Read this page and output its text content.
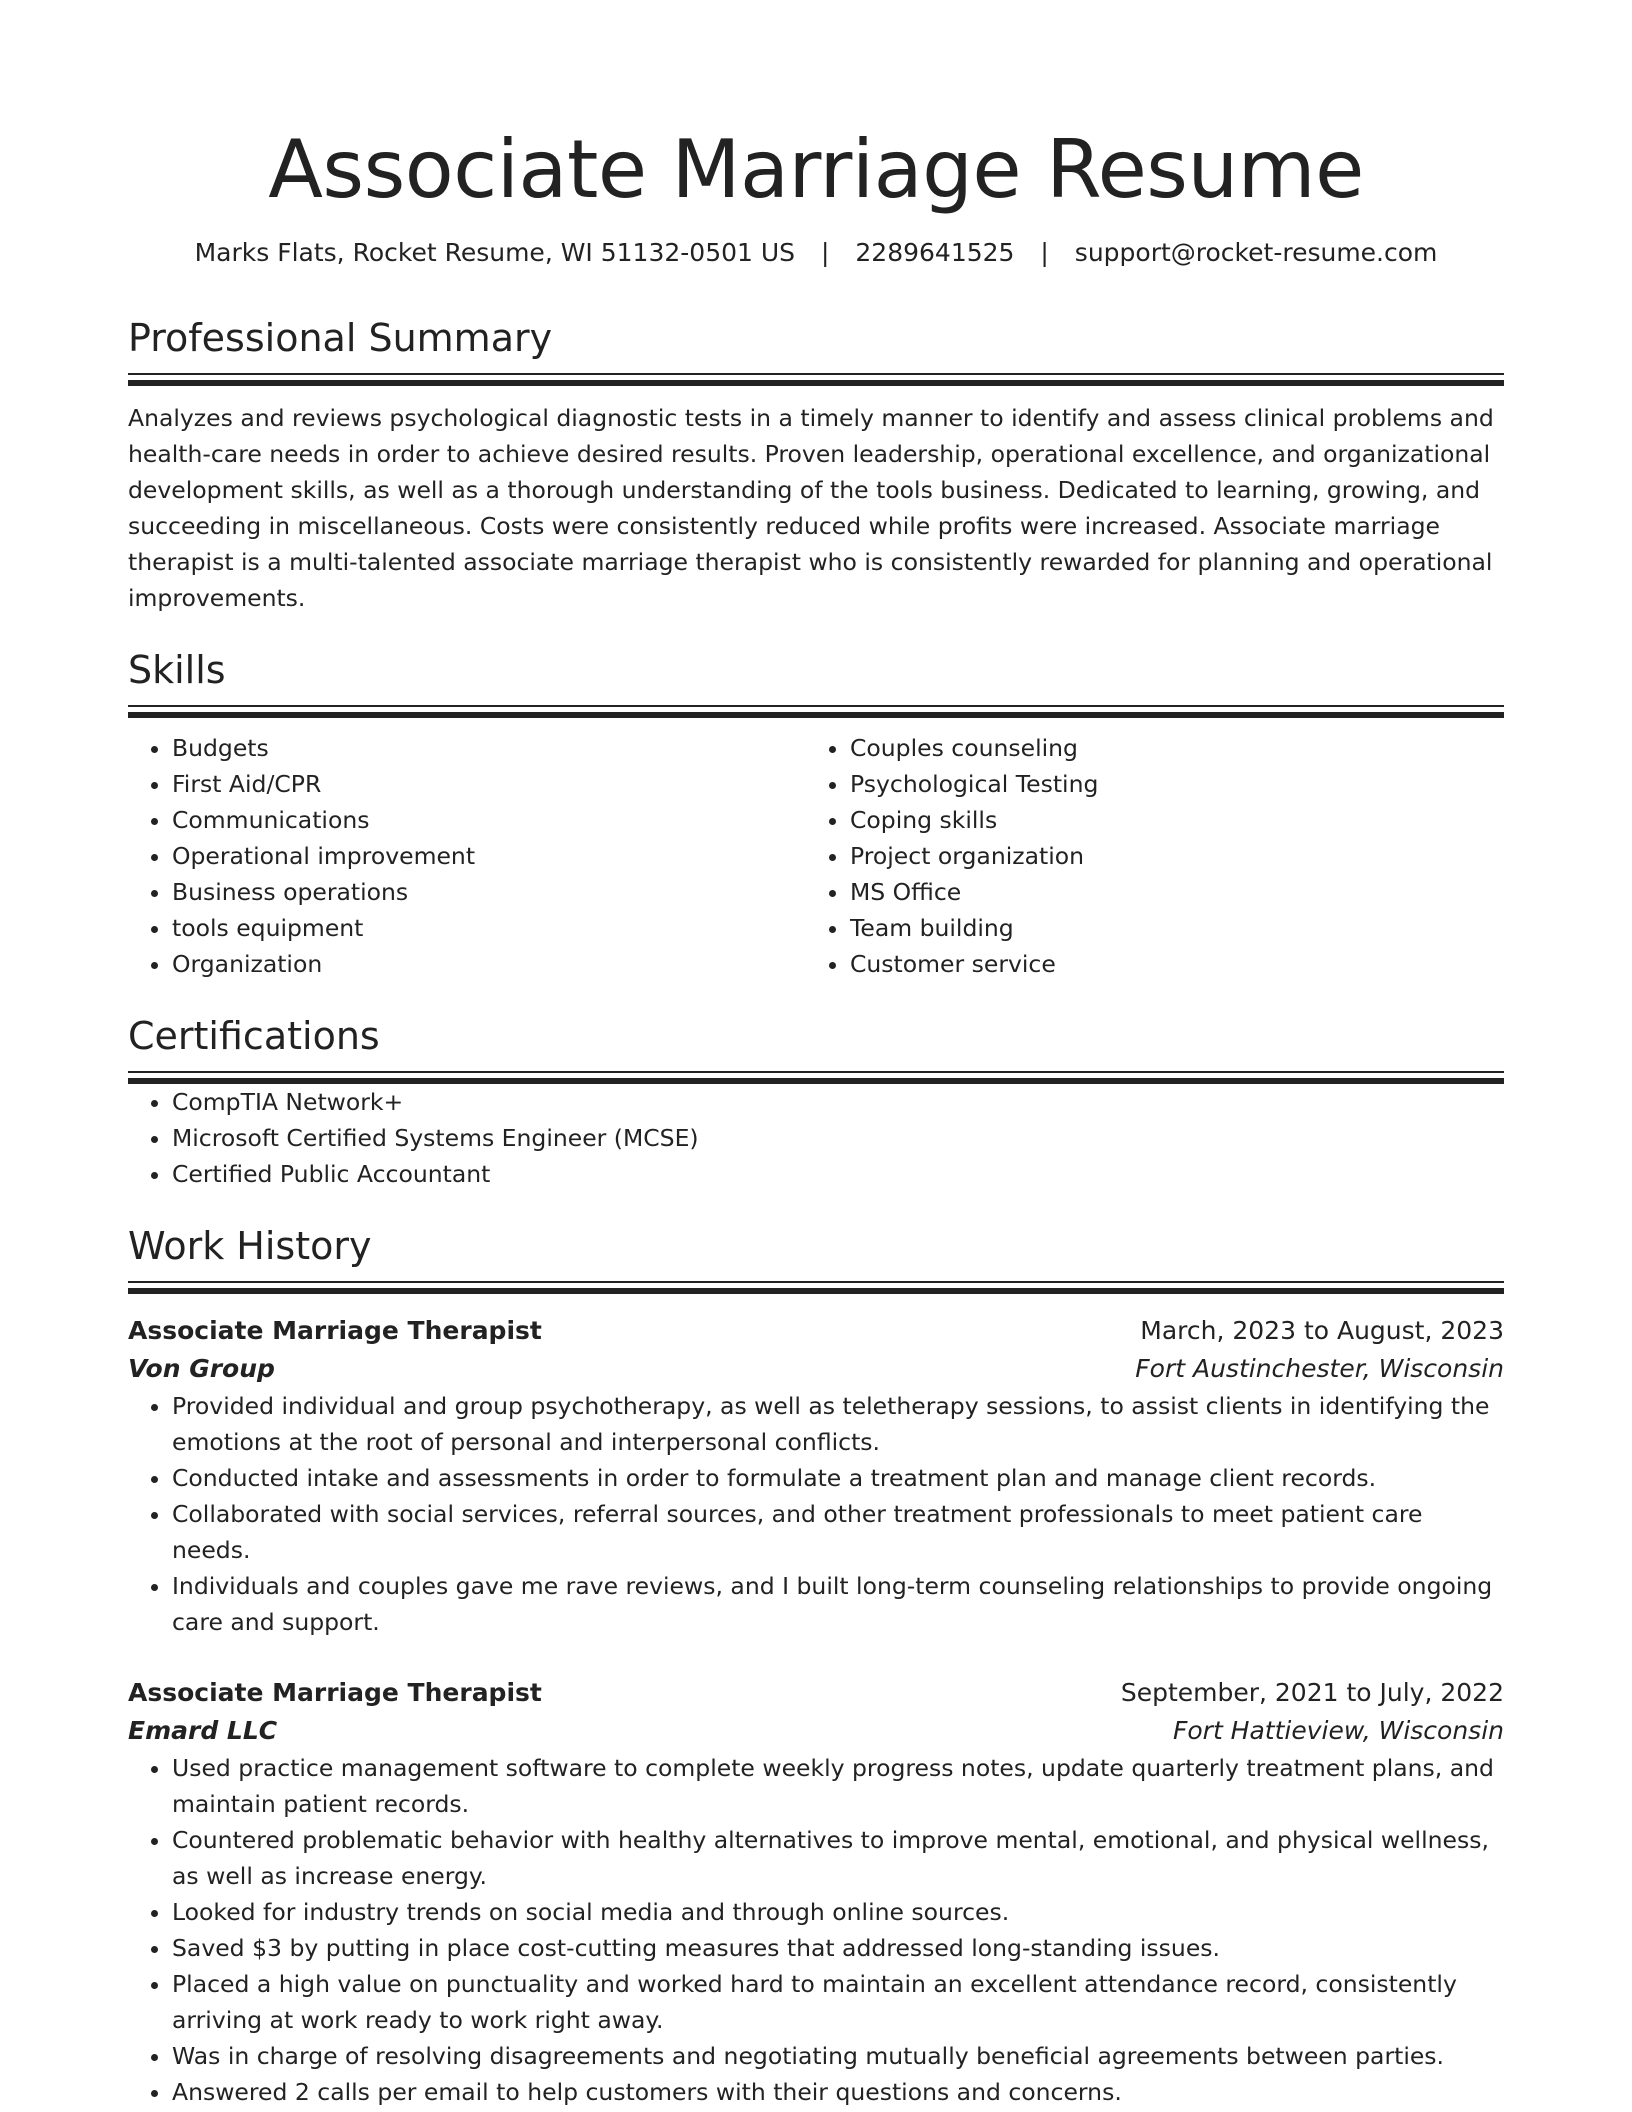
Associate Marriage Resume
Marks Flats, Rocket Resume, WI 51132-0501 US | 2289641525 | support@rocket-resume.com
Professional Summary
Analyzes and reviews psychological diagnostic tests in a timely manner to identify and assess clinical problems and health-care needs in order to achieve desired results. Proven leadership, operational excellence, and organizational development skills, as well as a thorough understanding of the tools business. Dedicated to learning, growing, and succeeding in miscellaneous. Costs were consistently reduced while profits were increased. Associate marriage therapist is a multi-talented associate marriage therapist who is consistently rewarded for planning and operational improvements.
Skills
• Budgets
• First Aid/CPR
• Communications
• Operational improvement
• Business operations
• tools equipment
• Organization
• Couples counseling
• Psychological Testing
• Coping skills
• Project organization
• MS Office
• Team building
• Customer service
Certifications
• CompTIA Network+
• Microsoft Certified Systems Engineer (MCSE)
• Certified Public Accountant
Work History
Associate Marriage Therapist	March, 2023 to August, 2023
Von Group	Fort Austinchester, Wisconsin
• Provided individual and group psychotherapy, as well as teletherapy sessions, to assist clients in identifying the emotions at the root of personal and interpersonal conflicts.
• Conducted intake and assessments in order to formulate a treatment plan and manage client records.
• Collaborated with social services, referral sources, and other treatment professionals to meet patient care needs.
• Individuals and couples gave me rave reviews, and I built long-term counseling relationships to provide ongoing care and support.
Associate Marriage Therapist	September, 2021 to July, 2022
Emard LLC	Fort Hattieview, Wisconsin
• Used practice management software to complete weekly progress notes, update quarterly treatment plans, and maintain patient records.
• Countered problematic behavior with healthy alternatives to improve mental, emotional, and physical wellness, as well as increase energy.
• Looked for industry trends on social media and through online sources.
• Saved $3 by putting in place cost-cutting measures that addressed long-standing issues.
• Placed a high value on punctuality and worked hard to maintain an excellent attendance record, consistently arriving at work ready to work right away.
• Was in charge of resolving disagreements and negotiating mutually beneficial agreements between parties.
• Answered 2 calls per email to help customers with their questions and concerns.
